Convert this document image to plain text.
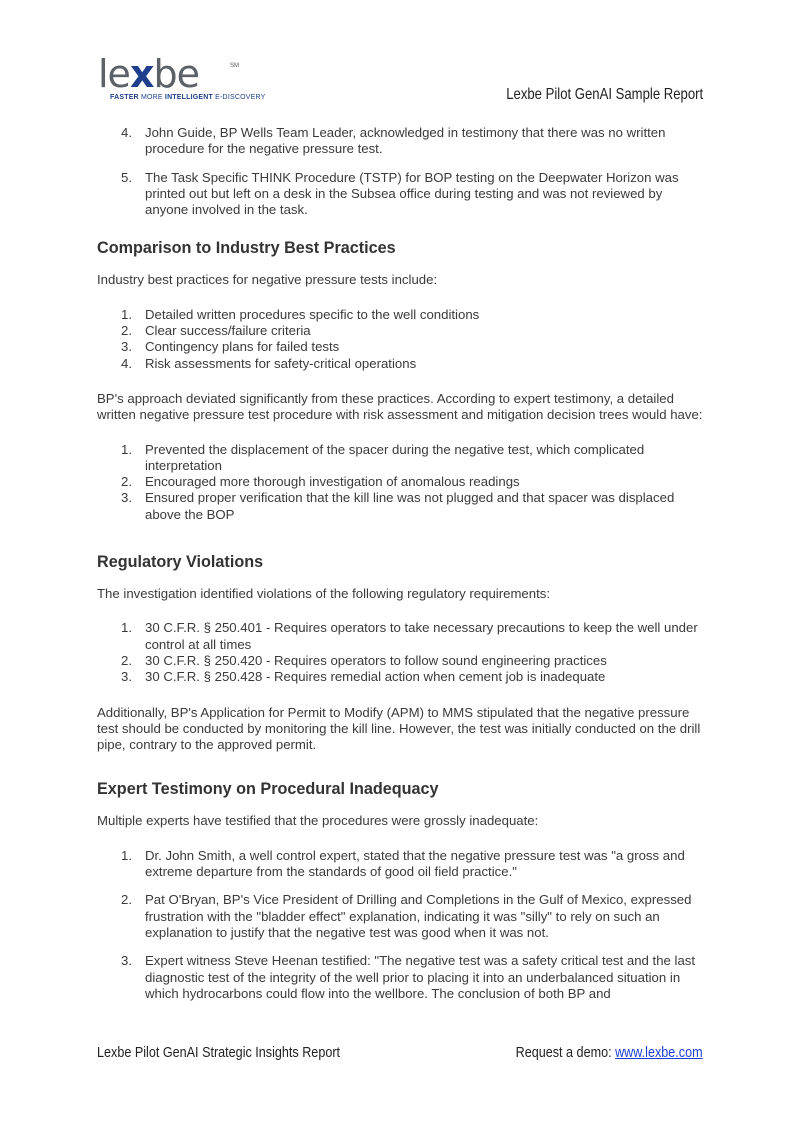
lexbe	SM
FASTER MORE INTELLIGENT E-DISCOVERY	Lexbe Pilot GenAI Sample Report
4. John Guide, BP Wells Team Leader, acknowledged in testimony that there was no written procedure for the negative pressure test.
5. The Task Specific THINK Procedure (TSTP) for BOP testing on the Deepwater Horizon was printed out but left on a desk in the Subsea office during testing and was not reviewed by anyone involved in the task.
Comparison to Industry Best Practices

Industry best practices for negative pressure tests include:

1. Detailed written procedures specific to the well conditions
2. Clear success/failure criteria
3. Contingency plans for failed tests
4. Risk assessments for safety-critical operations

BP's approach deviated significantly from these practices. According to expert testimony, a detailed written negative pressure test procedure with risk assessment and mitigation decision trees would have:

1. Prevented the displacement of the spacer during the negative test, which complicated interpretation
2. Encouraged more thorough investigation of anomalous readings
3. Ensured proper verification that the kill line was not plugged and that spacer was displaced above the BOP
Regulatory Violations

The investigation identified violations of the following regulatory requirements:

1. 30 C.F.R. § 250.401 - Requires operators to take necessary precautions to keep the well under control at all times
2. 30 C.F.R. § 250.420 - Requires operators to follow sound engineering practices
3. 30 C.F.R. § 250.428 - Requires remedial action when cement job is inadequate

Additionally, BP's Application for Permit to Modify (APM) to MMS stipulated that the negative pressure test should be conducted by monitoring the kill line. However, the test was initially conducted on the drill pipe, contrary to the approved permit.

Expert Testimony on Procedural Inadequacy

Multiple experts have testified that the procedures were grossly inadequate:

1. Dr. John Smith, a well control expert, stated that the negative pressure test was "a gross and extreme departure from the standards of good oil field practice."
2. Pat O'Bryan, BP's Vice President of Drilling and Completions in the Gulf of Mexico, expressed frustration with the "bladder effect" explanation, indicating it was "silly" to rely on such an explanation to justify that the negative test was good when it was not.
3. Expert witness Steve Heenan testified: "The negative test was a safety critical test and the last diagnostic test of the integrity of the well prior to placing it into an underbalanced situation in which hydrocarbons could flow into the wellbore. The conclusion of both BP and
Lexbe Pilot GenAI Strategic Insights Report	Request a demo: www.lexbe.com
